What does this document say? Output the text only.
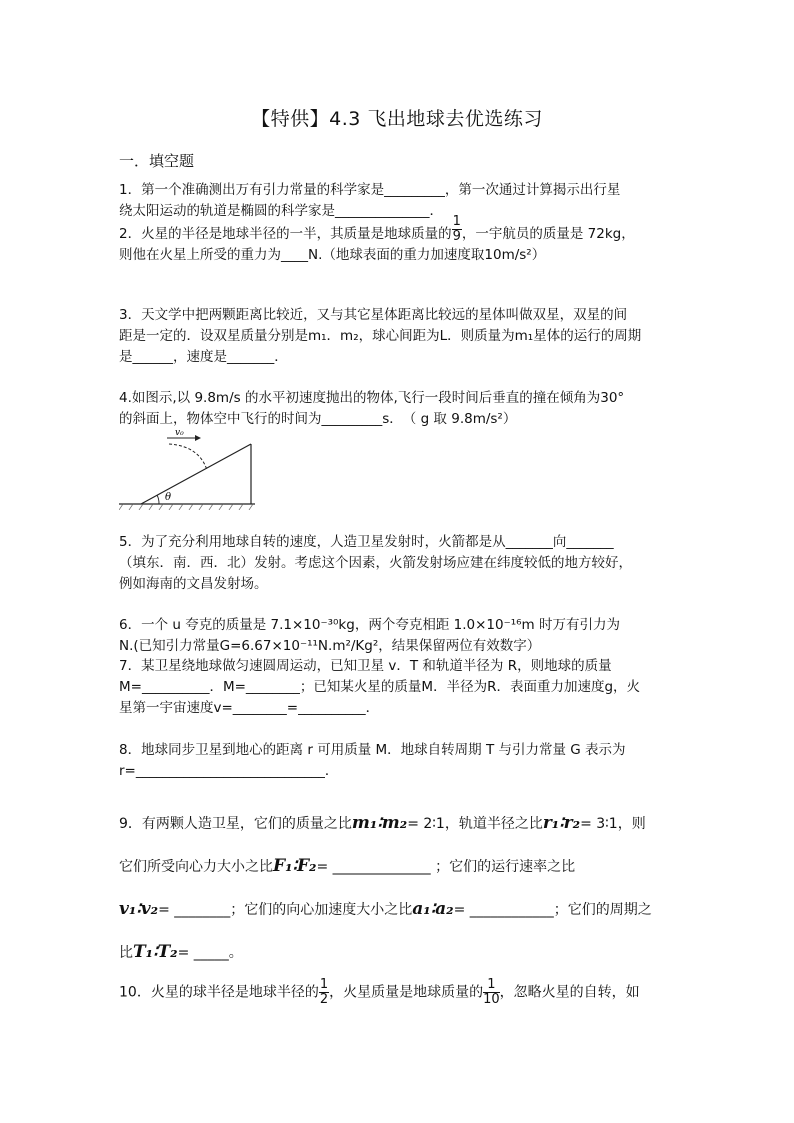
【特供】4.3 飞出地球去优选练习
一．填空题

1．第一个准确测出万有引力常量的科学家是_________，第一次通过计算揭示出行星

绕太阳运动的轨道是椭圆的科学家是______________．

2．火星的半径是地球半径的一半，其质量是地球质量的 $\frac{1}{9}$ ，一宇航员的质量是 72kg，

则他在火星上所受的重力为____N.（地球表面的重力加速度取10m/s²）

3．天文学中把两颗距离比较近，又与其它星体距离比较远的星体叫做双星，双星的间

距是一定的．设双星质量分别是m₁．m₂，球心间距为L．则质量为m₁星体的运行的周期

是______，速度是_______．

4.如图示,以 9.8m/s 的水平初速度抛出的物体,飞行一段时间后垂直的撞在倾角为30°

的斜面上，物体空中飞行的时间为_________s．　（ g 取 9.8m/s²）

θ
v₀

5．为了充分利用地球自转的速度，人造卫星发射时，火箭都是从_______向_______

（填东．南．西．北）发射。考虑这个因素，火箭发射场应建在纬度较低的地方较好，

例如海南的文昌发射场。

6．一个 u 夸克的质量是 7.1×10⁻³⁰kg，两个夸克相距 1.0×10⁻¹⁶m 时万有引力为

N.(已知引力常量G=6.67×10⁻¹¹N.m²/Kg²，结果保留两位有效数字）

7．某卫星绕地球做匀速圆周运动，已知卫星 v．T 和轨道半径为 R，则地球的质量

M=__________．M=________；已知某火星的质量M．半径为R．表面重力加速度g，火

星第一宇宙速度v=________=__________．

8．地球同步卫星到地心的距离 r 可用质量 M．地球自转周期 T 与引力常量 G 表示为

r=____________________________．

9．有两颗人造卫星，它们的质量之比m₁∶m₂= 2∶1，轨道半径之比r₁∶r₂= 3∶1，则

它们所受向心力大小之比F₁∶F₂= ______________ ；它们的运行速率之比

v₁∶v₂= ________；它们的向心加速度大小之比a₁∶a₂= ____________；它们的周期之

比T₁∶T₂= _____。

10．火星的球半径是地球半径的 $\frac{1}{2}$ ，火星质量是地球质量的 $\frac{1}{10}$ ，忽略火星的自转，如
